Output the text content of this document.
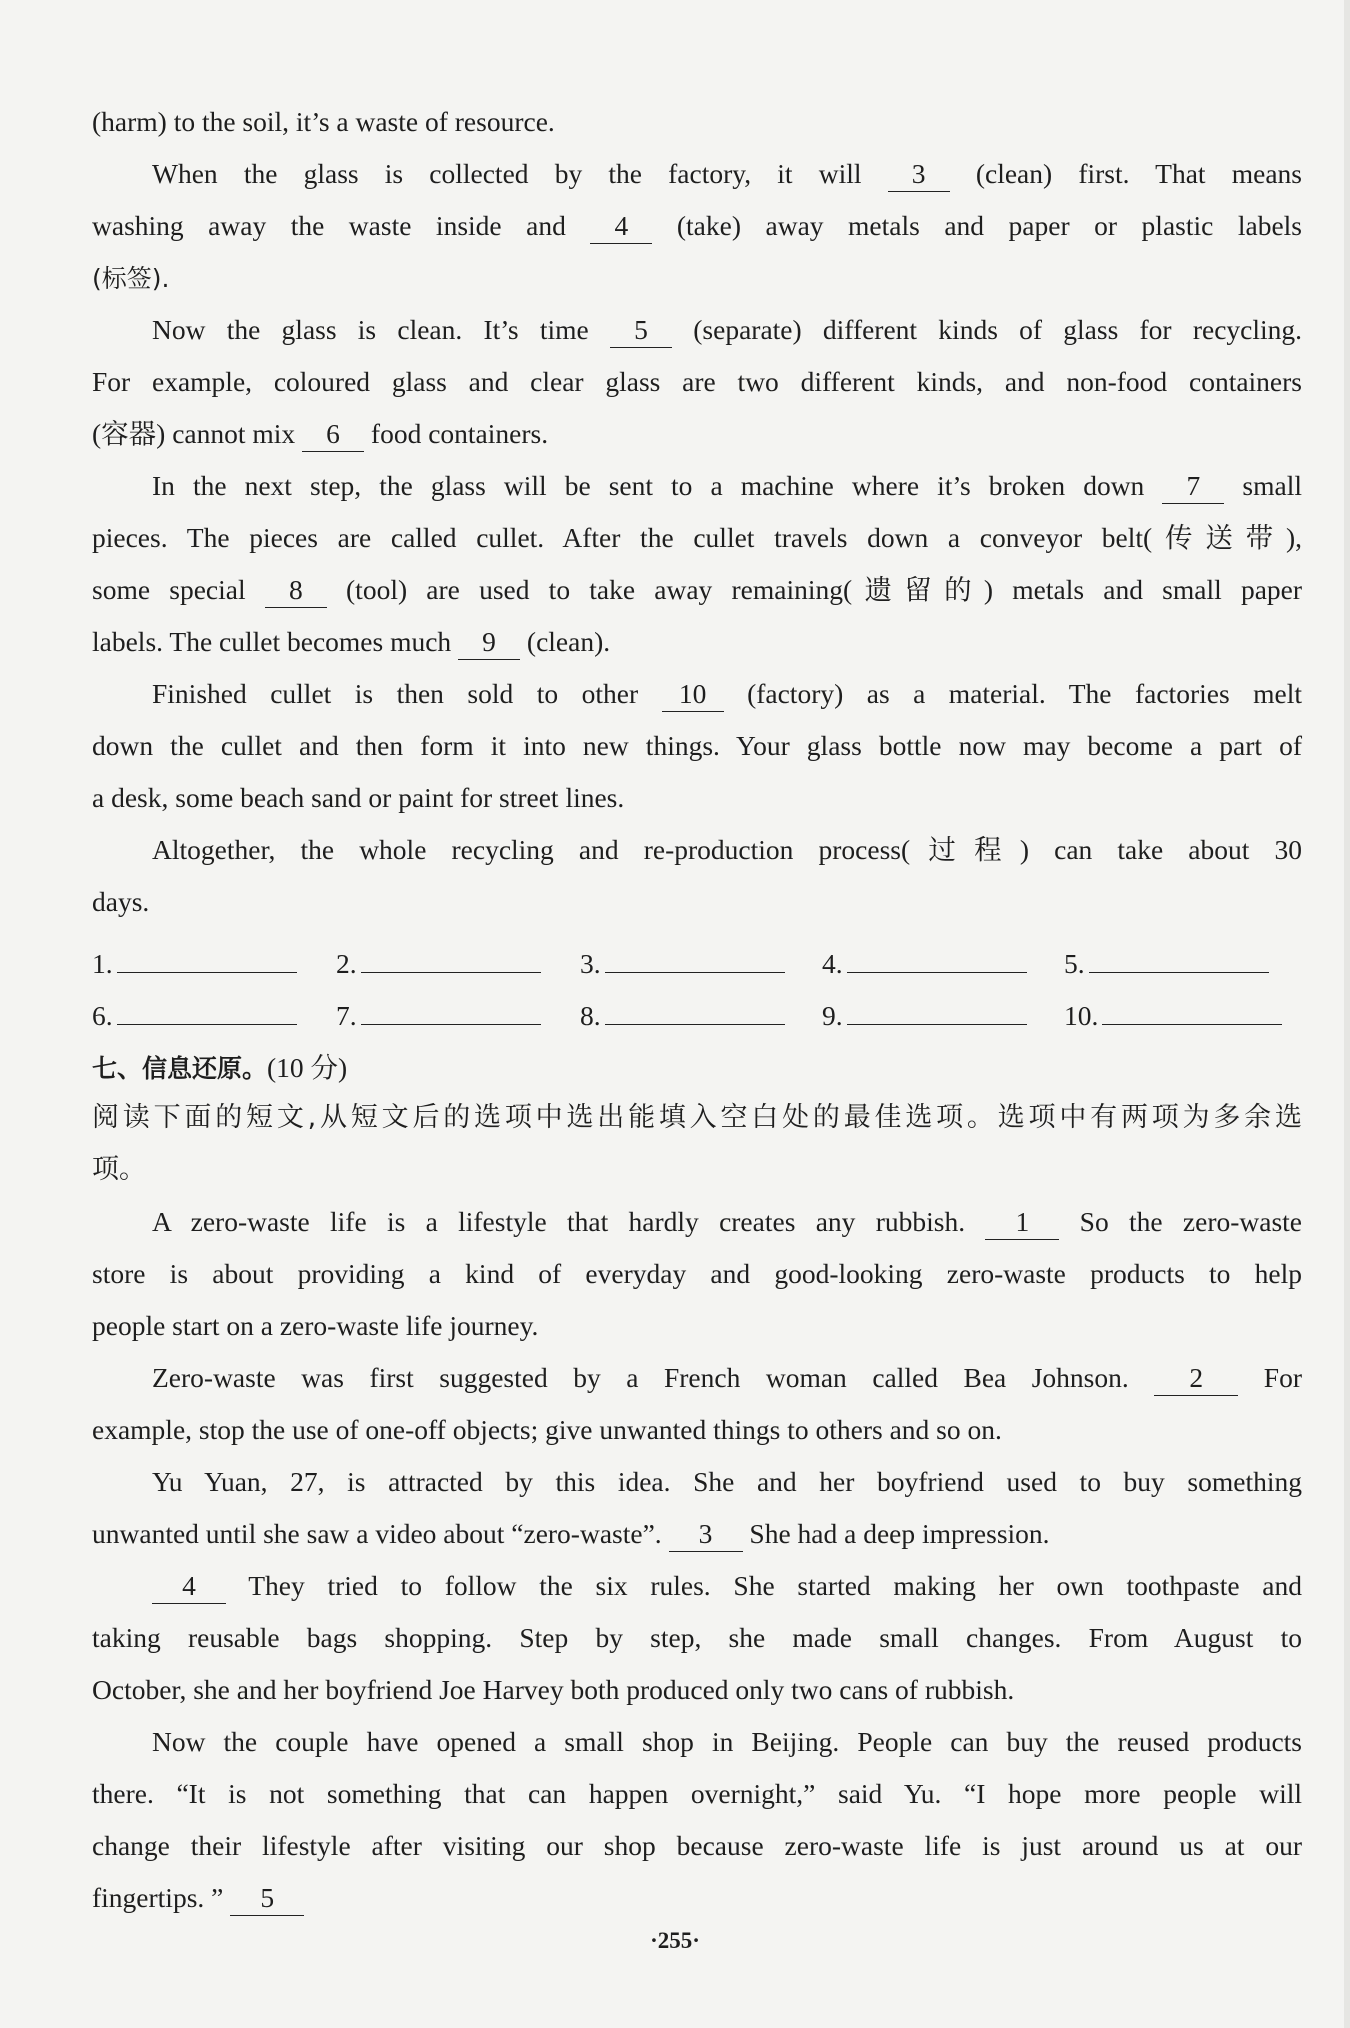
(harm) to the soil, it’s a waste of resource.
When the glass is collected by the factory, it will 3 (clean) first. That means
washing away the waste inside and 4 (take) away metals and paper or plastic labels
(标签).
Now the glass is clean. It’s time 5 (separate) different kinds of glass for recycling.
For example, coloured glass and clear glass are two different kinds, and non-food containers
(容器) cannot mix 6 food containers.
In the next step, the glass will be sent to a machine where it’s broken down 7 small
pieces. The pieces are called cullet. After the cullet travels down a conveyor belt(传送带),
some special 8 (tool) are used to take away remaining(遗留的) metals and small paper
labels. The cullet becomes much 9 (clean).
Finished cullet is then sold to other 10 (factory) as a material. The factories melt
down the cullet and then form it into new things. Your glass bottle now may become a part of
a desk, some beach sand or paint for street lines.
Altogether, the whole recycling and re-production process(过程) can take about 30
days.
1.	2.	3.	4.	5.
6.	7.	8.	9.	10.
七、信息还原。(10 分)
阅读下面的短文,从短文后的选项中选出能填入空白处的最佳选项。选项中有两项为多余选
项。
A zero-waste life is a lifestyle that hardly creates any rubbish. 1 So the zero-waste
store is about providing a kind of everyday and good-looking zero-waste products to help
people start on a zero-waste life journey.
Zero-waste was first suggested by a French woman called Bea Johnson. 2 For
example, stop the use of one-off objects; give unwanted things to others and so on.
Yu Yuan, 27, is attracted by this idea. She and her boyfriend used to buy something
unwanted until she saw a video about “zero-waste”. 3 She had a deep impression.
4 They tried to follow the six rules. She started making her own toothpaste and
taking reusable bags shopping. Step by step, she made small changes. From August to
October, she and her boyfriend Joe Harvey both produced only two cans of rubbish.
Now the couple have opened a small shop in Beijing. People can buy the reused products
there. “It is not something that can happen overnight,” said Yu. “I hope more people will
change their lifestyle after visiting our shop because zero-waste life is just around us at our
fingertips. ” 5
·255·
